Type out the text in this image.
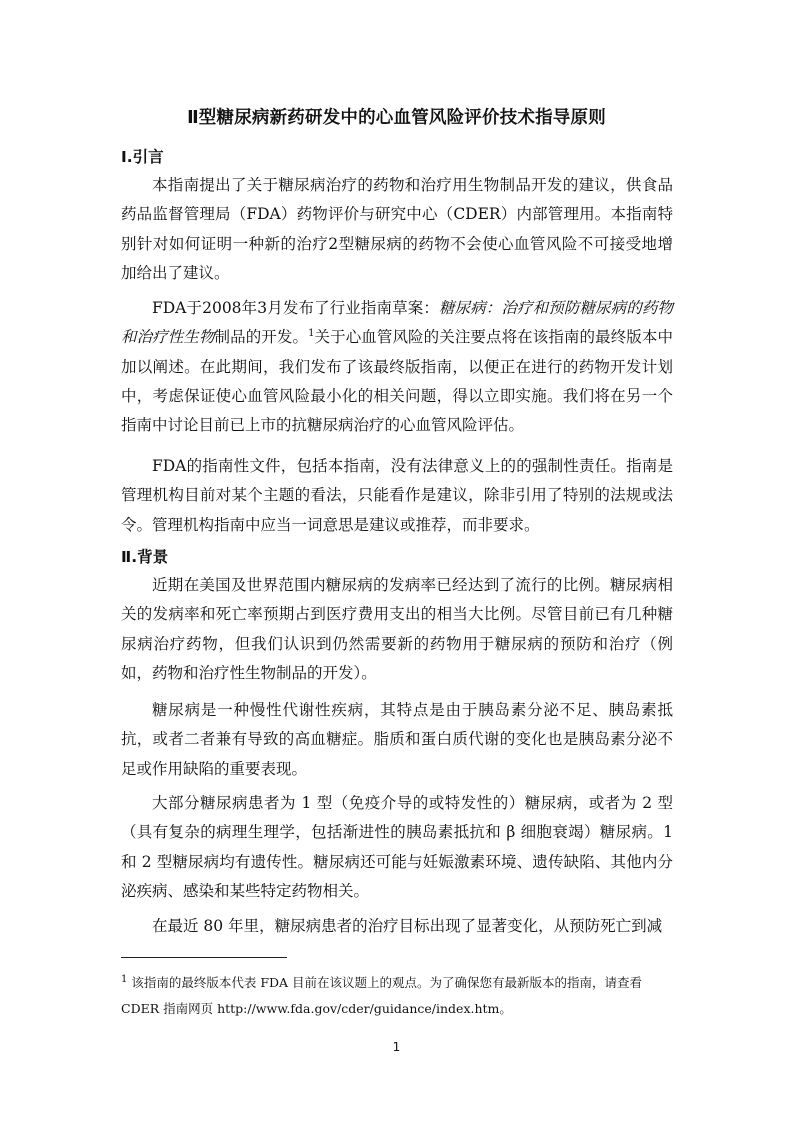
Ⅱ型糖尿病新药研发中的心血管风险评价技术指导原则
Ⅰ.引言

本指南提出了关于糖尿病治疗的药物和治疗用生物制品开发的建议，供食品药品监督管理局（FDA）药物评价与研究中心（CDER）内部管理用。本指南特别针对如何证明一种新的治疗2型糖尿病的药物不会使心血管风险不可接受地增加给出了建议。

FDA于2008年3月发布了行业指南草案：糖尿病：治疗和预防糖尿病的药物和治疗性生物制品的开发。$^1$关于心血管风险的关注要点将在该指南的最终版本中加以阐述。在此期间，我们发布了该最终版指南，以便正在进行的药物开发计划中，考虑保证使心血管风险最小化的相关问题，得以立即实施。我们将在另一个指南中讨论目前已上市的抗糖尿病治疗的心血管风险评估。

FDA的指南性文件，包括本指南，没有法律意义上的的强制性责任。指南是管理机构目前对某个主题的看法，只能看作是建议，除非引用了特别的法规或法令。管理机构指南中应当一词意思是建议或推荐，而非要求。

Ⅱ.背景

近期在美国及世界范围内糖尿病的发病率已经达到了流行的比例。糖尿病相关的发病率和死亡率预期占到医疗费用支出的相当大比例。尽管目前已有几种糖尿病治疗药物，但我们认识到仍然需要新的药物用于糖尿病的预防和治疗（例如，药物和治疗性生物制品的开发）。

糖尿病是一种慢性代谢性疾病，其特点是由于胰岛素分泌不足、胰岛素抵抗，或者二者兼有导致的高血糖症。脂质和蛋白质代谢的变化也是胰岛素分泌不足或作用缺陷的重要表现。

大部分糖尿病患者为 1 型（免疫介导的或特发性的）糖尿病，或者为 2 型（具有复杂的病理生理学，包括渐进性的胰岛素抵抗和 β 细胞衰竭）糖尿病。1 和 2 型糖尿病均有遗传性。糖尿病还可能与妊娠激素环境、遗传缺陷、其他内分泌疾病、感染和某些特定药物相关。

在最近 80 年里，糖尿病患者的治疗目标出现了显著变化，从预防死亡到减

$^1$ 该指南的最终版本代表 FDA 目前在该议题上的观点。为了确保您有最新版本的指南，请查看 CDER 指南网页 http://www.fda.gov/cder/guidance/index.htm。

1
